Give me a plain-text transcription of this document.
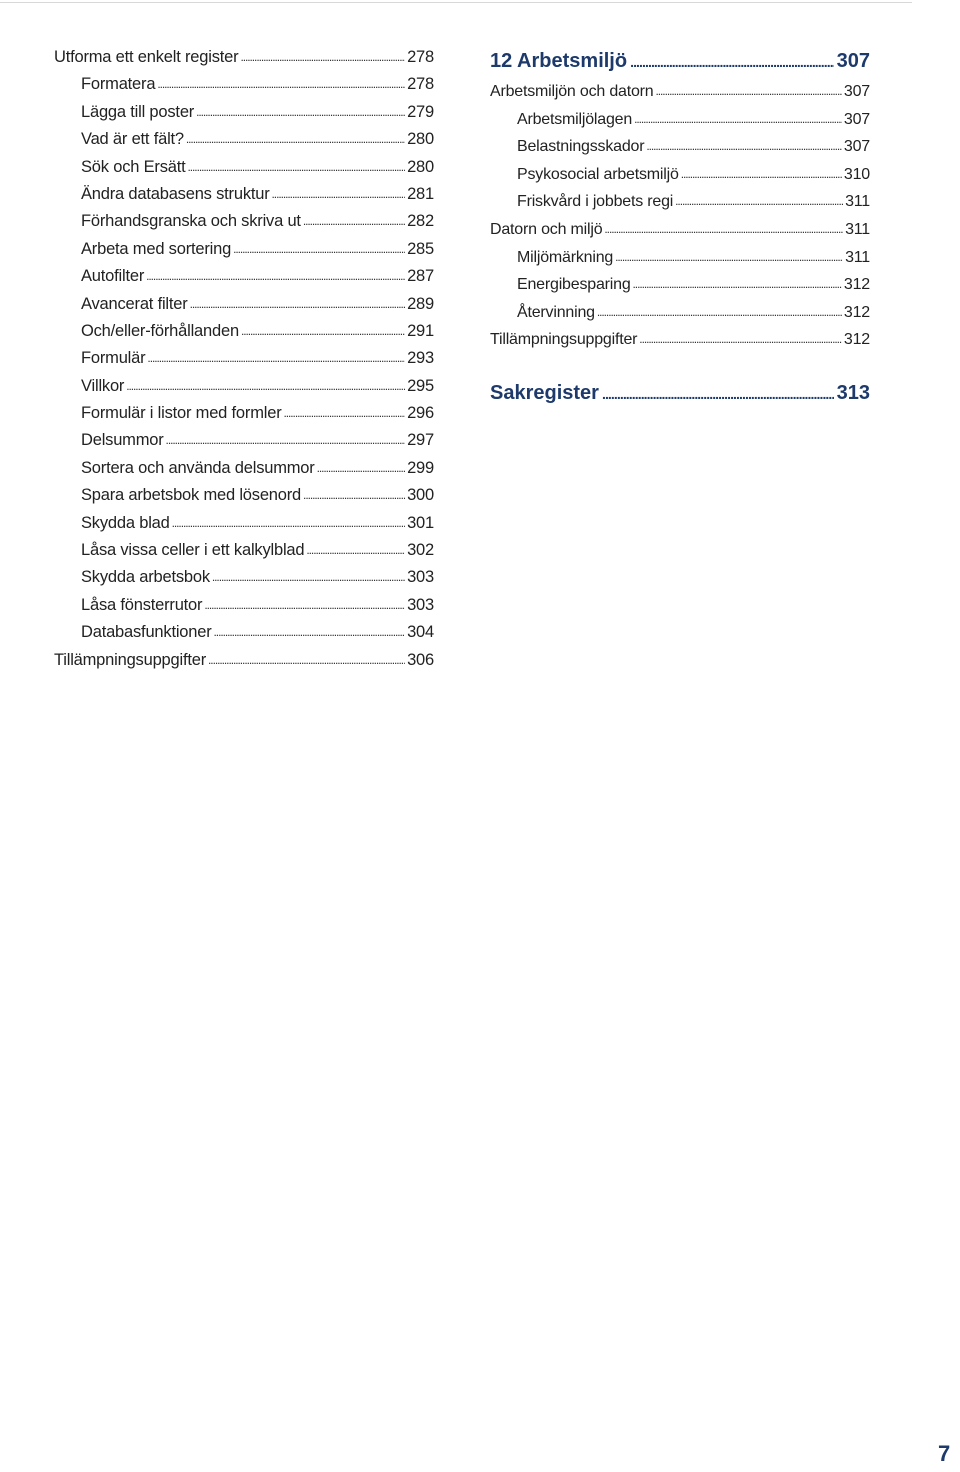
Utforma ett enkelt register . . .	278
Formatera . . .	278
Lägga till poster . . .	279
Vad är ett fält? . . .	280
Sök och Ersätt . . .	280
Ändra databasens struktur . . .	281
Förhandsgranska och skriva ut . . .	282
Arbeta med sortering . . .	285
Autofilter . . .	287
Avancerat filter . . .	289
Och/eller-förhållanden . . .	291
Formulär . . .	293
Villkor . . .	295
Formulär i listor med formler . . .	296
Delsummor . . .	297
Sortera och använda delsummor . . .	299
Spara arbetsbok med lösenord . . .	300
Skydda blad . . .	301
Låsa vissa celler i ett kalkylblad . . .	302
Skydda arbetsbok . . .	303
Låsa fönsterrutor . . .	303
Databasfunktioner . . .	304
Tillämpningsuppgifter . . .	306
12 Arbetsmiljö . . .	307
Arbetsmiljön och datorn . . .	307
Arbetsmiljölagen . . .	307
Belastningsskador . . .	307
Psykosocial arbetsmiljö . . .	310
Friskvård i jobbets regi . . .	311
Datorn och miljö . . .	311
Miljömärkning . . .	311
Energibesparing . . .	312
Återvinning . . .	312
Tillämpningsuppgifter . . .	312
Sakregister . . .	313
7
